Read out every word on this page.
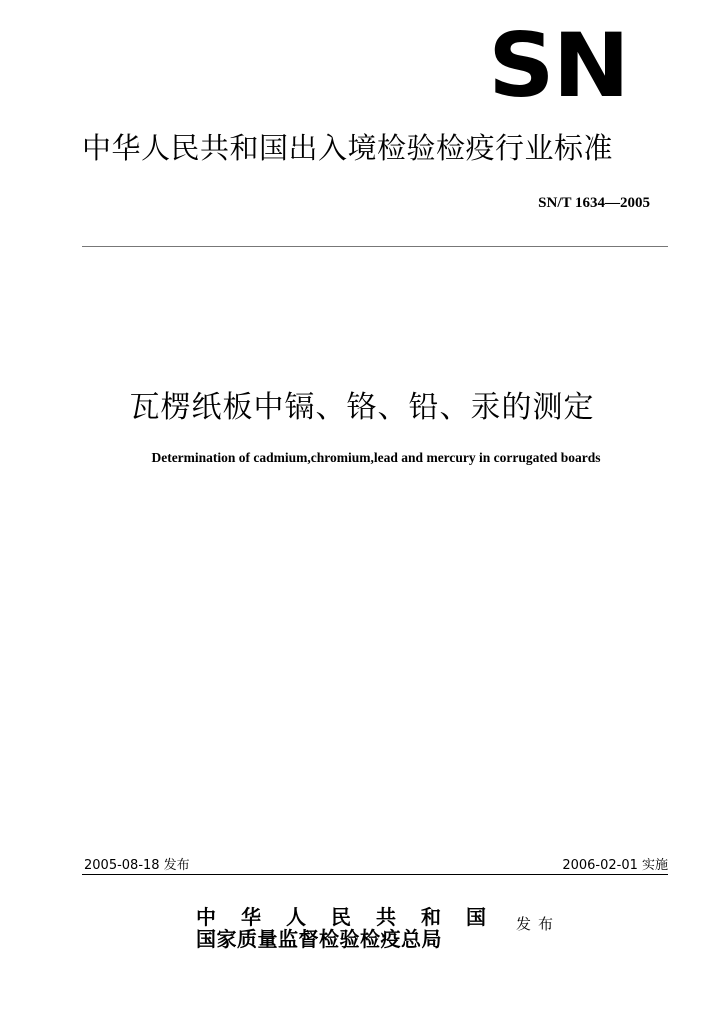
SN
中华人民共和国出入境检验检疫行业标准
SN/T 1634—2005
瓦楞纸板中镉、铬、铅、汞的测定
Determination of cadmium,chromium,lead and mercury in corrugated boards
2005-08-18 发布	2006-02-01 实施
中华人民共和国
国家质量监督检验检疫总局
发布
